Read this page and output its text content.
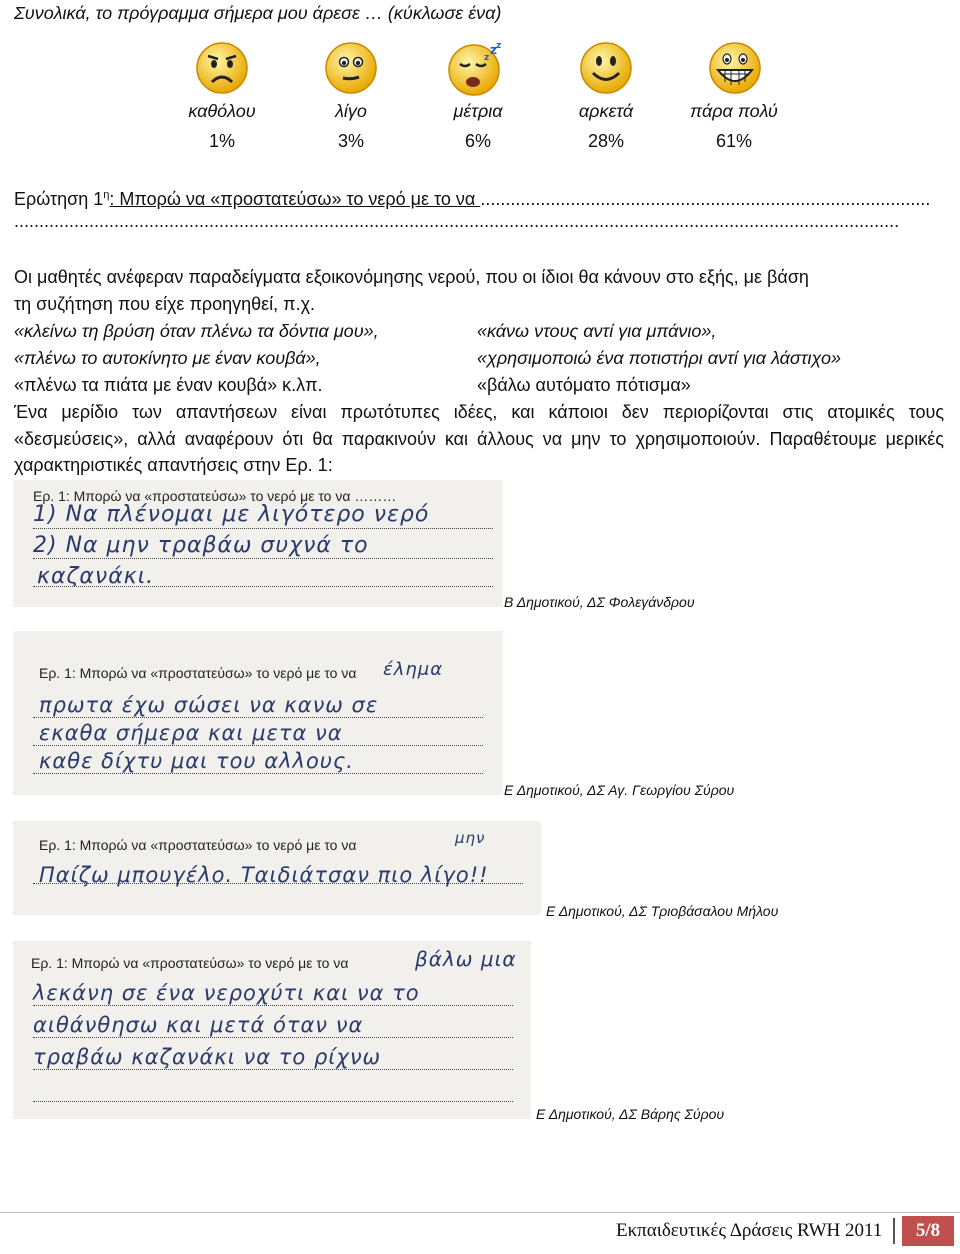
Συνολικά, το πρόγραμμα σήμερα μου άρεσε … (κύκλωσε ένα)
z z
z
καθόλου	λίγο	μέτρια	αρκετά	πάρα πολύ
1%	3%	6%	28%	61%
Ερώτηση $1^\eta$: Μπορώ να «προστατεύσω» το νερό με το να ..........................................................................................
.................................................................................................................................................................................
Οι μαθητές ανέφεραν παραδείγματα εξοικονόμησης νερού, που οι ίδιοι θα κάνουν στο εξής, με βάση
τη συζήτηση που είχε προηγηθεί, π.χ.
«κλείνω τη βρύση όταν πλένω τα δόντια μου»,
«πλένω το αυτοκίνητο με έναν κουβά»,
«πλένω τα πιάτα με έναν κουβά» κ.λπ.
«κάνω ντους αντί για μπάνιο»,
«χρησιμοποιώ ένα ποτιστήρι αντί για λάστιχο»
«βάλω αυτόματο πότισμα»
Ένα μερίδιο των απαντήσεων είναι πρωτότυπες ιδέες, και κάποιοι δεν περιορίζονται στις ατομικές τους «δεσμεύσεις», αλλά αναφέρουν ότι θα παρακινούν και άλλους να μην το χρησιμοποιούν. Παραθέτουμε μερικές χαρακτηριστικές απαντήσεις στην Ερ. 1:
Ερ. 1: Μπορώ να «προστατεύσω» το νερό με το να ………
1) Να πλένομαι με λιγότερο νερό
2) Να μην τραβάω συχνά το
καζανάκι.
Β Δημοτικού, ΔΣ Φολεγάνδρου
Ερ. 1: Μπορώ να «προστατεύσω» το νερό με το να έλημα
πρωτα έχω σώσει να κανω σε
εκαθα σήμερα και μετα να
καθε δίχτυ μαι του αλλους.
Ε Δημοτικού, ΔΣ Αγ. Γεωργίου Σύρου
Ερ. 1: Μπορώ να «προστατεύσω» το νερό με το να	μην
Παίζω μπουγέλο. Ταιδιάτσαν πιο λίγο!!
Ε Δημοτικού, ΔΣ Τριοβάσαλου Μήλου
Ερ. 1: Μπορώ να «προστατεύσω» το νερό με το να	βάλω μια
λεκάνη σε ένα νεροχύτι και να το
αιθάνθησω και μετά όταν να
τραβάω καζανάκι να το ρίχνω
Ε Δημοτικού, ΔΣ Βάρης Σύρου
Εκπαιδευτικές Δράσεις RWH 2011	5/8
